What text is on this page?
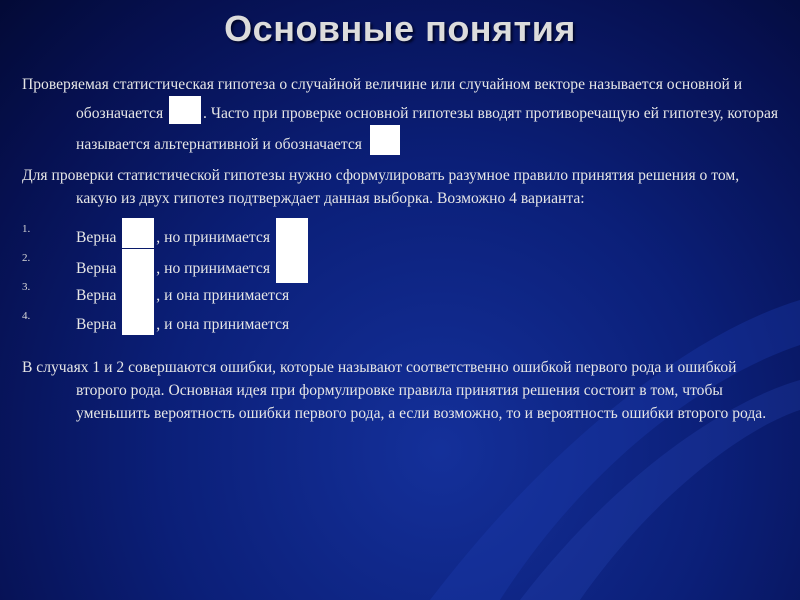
Основные понятия

Проверяемая статистическая гипотеза о случайной величине или случайном векторе называется основной и обозначается . Часто при проверке основной гипотезы вводят противоречащую ей гипотезу, которая называется альтернативной и обозначается

Для проверки статистической гипотезы нужно сформулировать разумное правило принятия решения о том, какую из двух гипотез подтверждает данная выборка. Возможно 4 варианта:

1.	Верна , но принимается
2.
Верна , но принимается
3.	Верна , и она принимается
4.	Верна , и она принимается

В случаях 1 и 2 совершаются ошибки, которые называют соответственно ошибкой первого рода и ошибкой второго рода. Основная идея при формулировке правила принятия решения состоит в том, чтобы уменьшить вероятность ошибки первого рода, а если возможно, то и вероятность ошибки второго рода.
